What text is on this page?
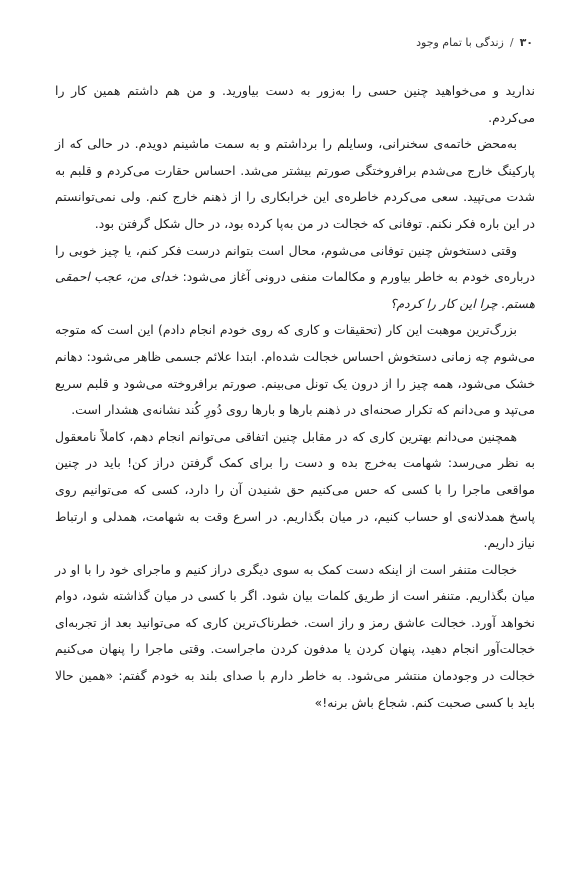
۳۰
/
زندگی با تمام وجود

ندارید و می‌خواهید چنین حسی را به‌زور به دست بیاورید. و من هم داشتم همین کار را می‌کردم.

به‌محض خاتمه‌ی سخنرانی، وسایلم را برداشتم و به سمت ماشینم دویدم. در حالی که از پارکینگ خارج می‌شدم برافروختگی صورتم بیشتر می‌شد. احساس حقارت می‌کردم و قلبم به شدت می‌تپید. سعی می‌کردم خاطره‌ی این خرابکاری را از ذهنم خارج کنم. ولی نمی‌توانستم در این باره فکر نکنم. توفانی که خجالت در من به‌پا کرده بود، در حال شکل گرفتن بود.

وقتی دستخوش چنین توفانی می‌شوم، محال است بتوانم درست فکر کنم، یا چیز خوبی را درباره‌ی خودم به خاطر بیاورم و مکالمات منفی درونی آغاز می‌شود: خدای من، عجب احمقی هستم. چرا این کار را کردم؟

بزرگ‌ترین موهبت این کار (تحقیقات و کاری که روی خودم انجام دادم) این است که متوجه می‌شوم چه زمانی دستخوش احساس خجالت شده‌ام. ابتدا علائم جسمی ظاهر می‌شود: دهانم خشک می‌شود، همه چیز را از درون یک تونل می‌بینم. صورتم برافروخته می‌شود و قلبم سریع می‌تپد و می‌دانم که تکرار صحنه‌ای در ذهنم بارها و بارها روی دُورِ کُند نشانه‌ی هشدار است.

همچنین می‌دانم بهترین کاری که در مقابل چنین اتفاقی می‌توانم انجام دهم، کاملاً نامعقول به نظر می‌رسد: شهامت به‌خرج بده و دست را برای کمک گرفتن دراز کن! باید در چنین مواقعی ماجرا را با کسی که حس می‌کنیم حق شنیدن آن را دارد، کسی که می‌توانیم روی پاسخ همدلانه‌ی او حساب کنیم، در میان بگذاریم. در اسرع وقت به شهامت، همدلی و ارتباط نیاز داریم.

خجالت متنفر است از اینکه دست کمک به سوی دیگری دراز کنیم و ماجرای خود را با او در میان بگذاریم. متنفر است از طریق کلمات بیان شود. اگر با کسی در میان گذاشته شود، دوام نخواهد آورد. خجالت عاشق رمز و راز است. خطرناک‌ترین کاری که می‌توانید بعد از تجربه‌ای خجالت‌آور انجام دهید، پنهان کردن یا مدفون کردن ماجراست. وقتی ماجرا را پنهان می‌کنیم خجالت در وجودمان منتشر می‌شود. به خاطر دارم با صدای بلند به خودم گفتم: «همین حالا باید با کسی صحبت کنم. شجاع باش برنه!»
